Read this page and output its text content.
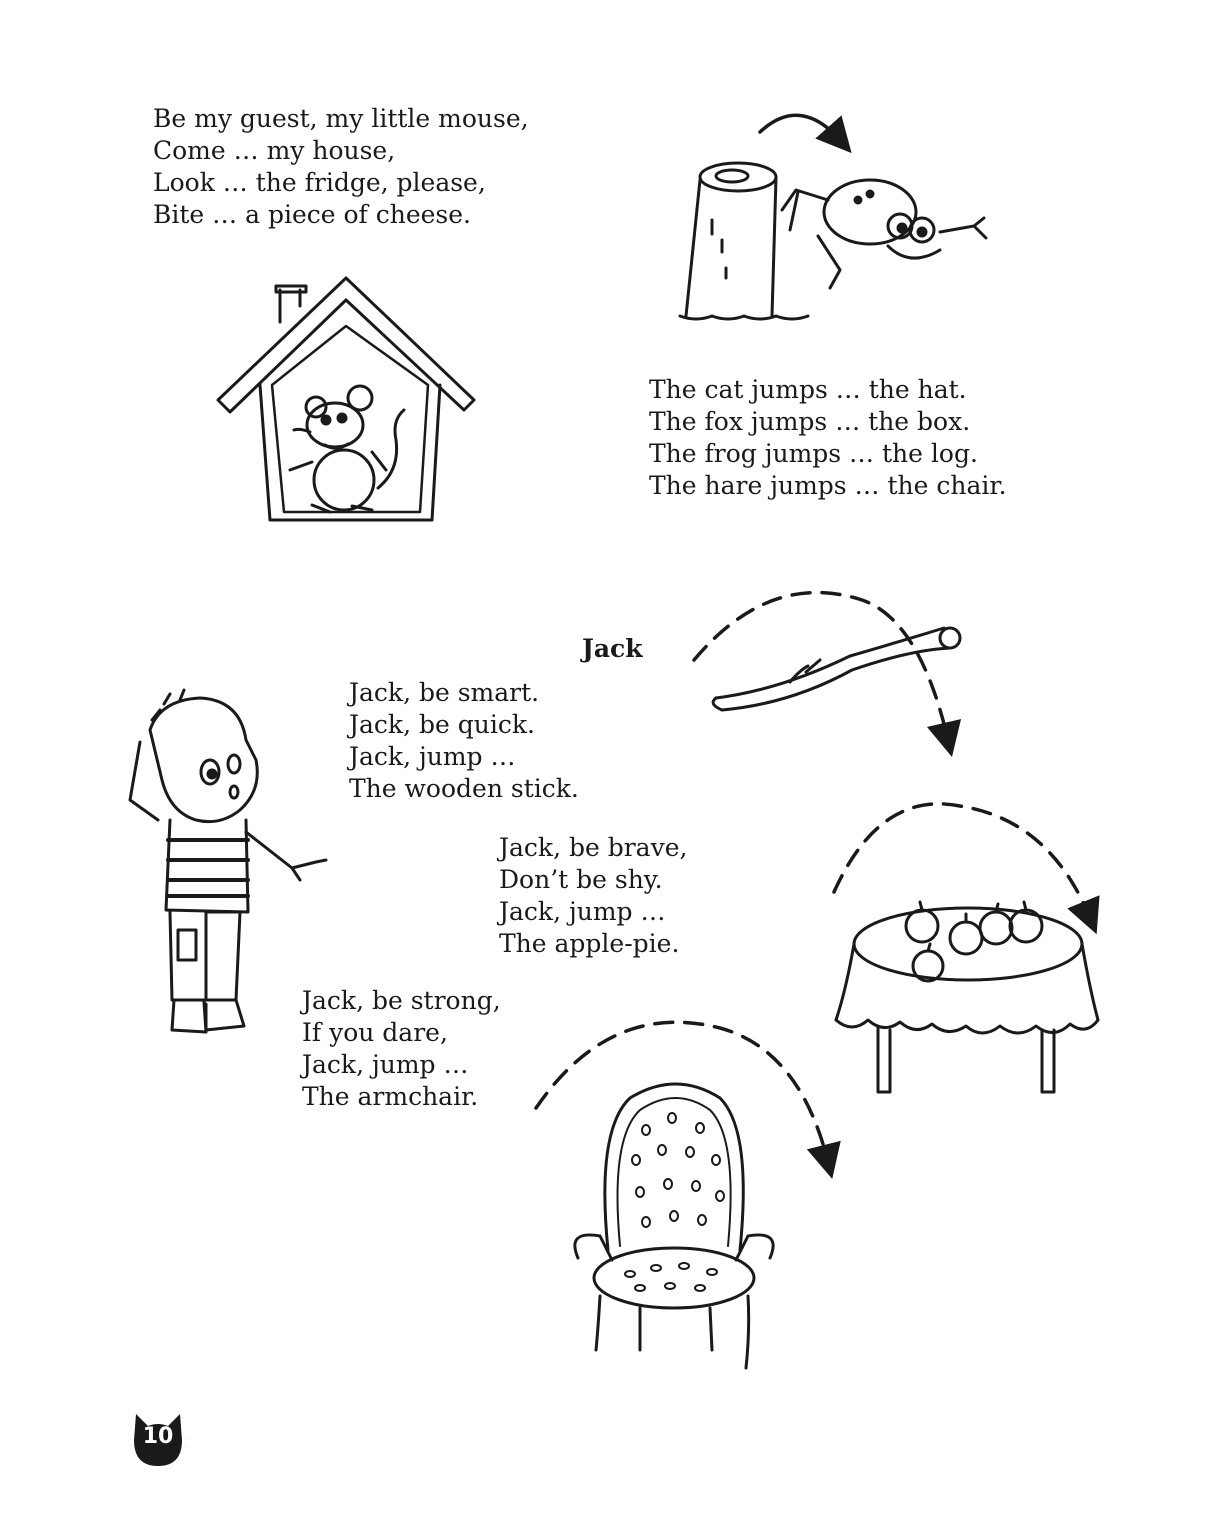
Be my guest, my little mouse,
Come … my house,
Look … the fridge, please,
Bite … a piece of cheese.
The cat jumps … the hat.
The fox jumps … the box.
The frog jumps … the log.
The hare jumps … the chair.
Jack
Jack, be smart.
Jack, be quick.
Jack, jump …
The wooden stick.
Jack, be brave,
Don’t be shy.
Jack, jump …
The apple-pie.
Jack, be strong,
If you dare,
Jack, jump …
The armchair.
10
